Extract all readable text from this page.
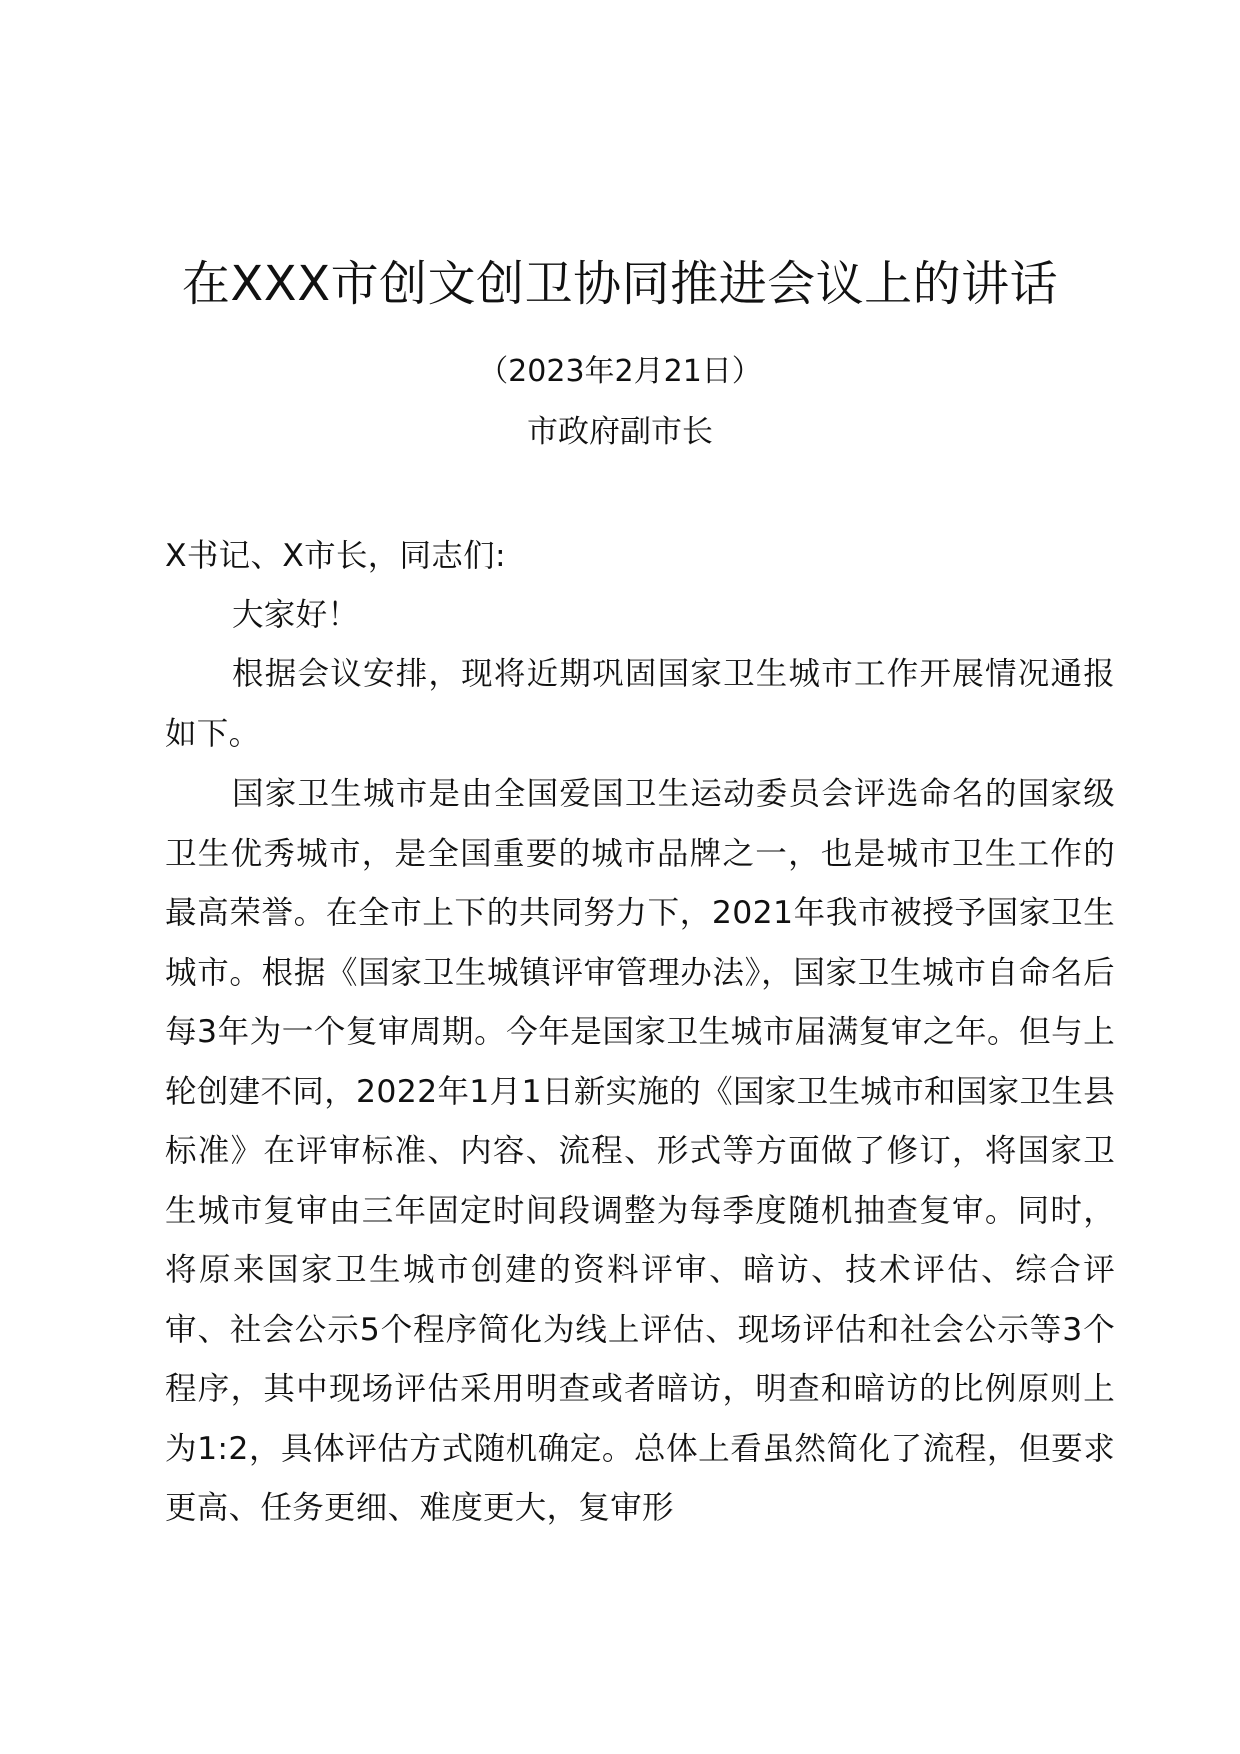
在XXX市创文创卫协同推进会议上的讲话
（2023年2月21日）
市政府副市长
X书记、X市长，同志们:

大家好！

根据会议安排，现将近期巩固国家卫生城市工作开展情况通报如下。

国家卫生城市是由全国爱国卫生运动委员会评选命名的国家级卫生优秀城市，是全国重要的城市品牌之一，也是城市卫生工作的最高荣誉。在全市上下的共同努力下，2021年我市被授予国家卫生城市。根据《国家卫生城镇评审管理办法》，国家卫生城市自命名后每3年为一个复审周期。今年是国家卫生城市届满复审之年。但与上轮创建不同，2022年1月1日新实施的《国家卫生城市和国家卫生县标准》在评审标准、内容、流程、形式等方面做了修订，将国家卫生城市复审由三年固定时间段调整为每季度随机抽查复审。同时，将原来国家卫生城市创建的资料评审、暗访、技术评估、综合评审、社会公示5个程序简化为线上评估、现场评估和社会公示等3个程序，其中现场评估采用明查或者暗访，明查和暗访的比例原则上为1:2，具体评估方式随机确定。总体上看虽然简化了流程，但要求更高、任务更细、难度更大，复审形
